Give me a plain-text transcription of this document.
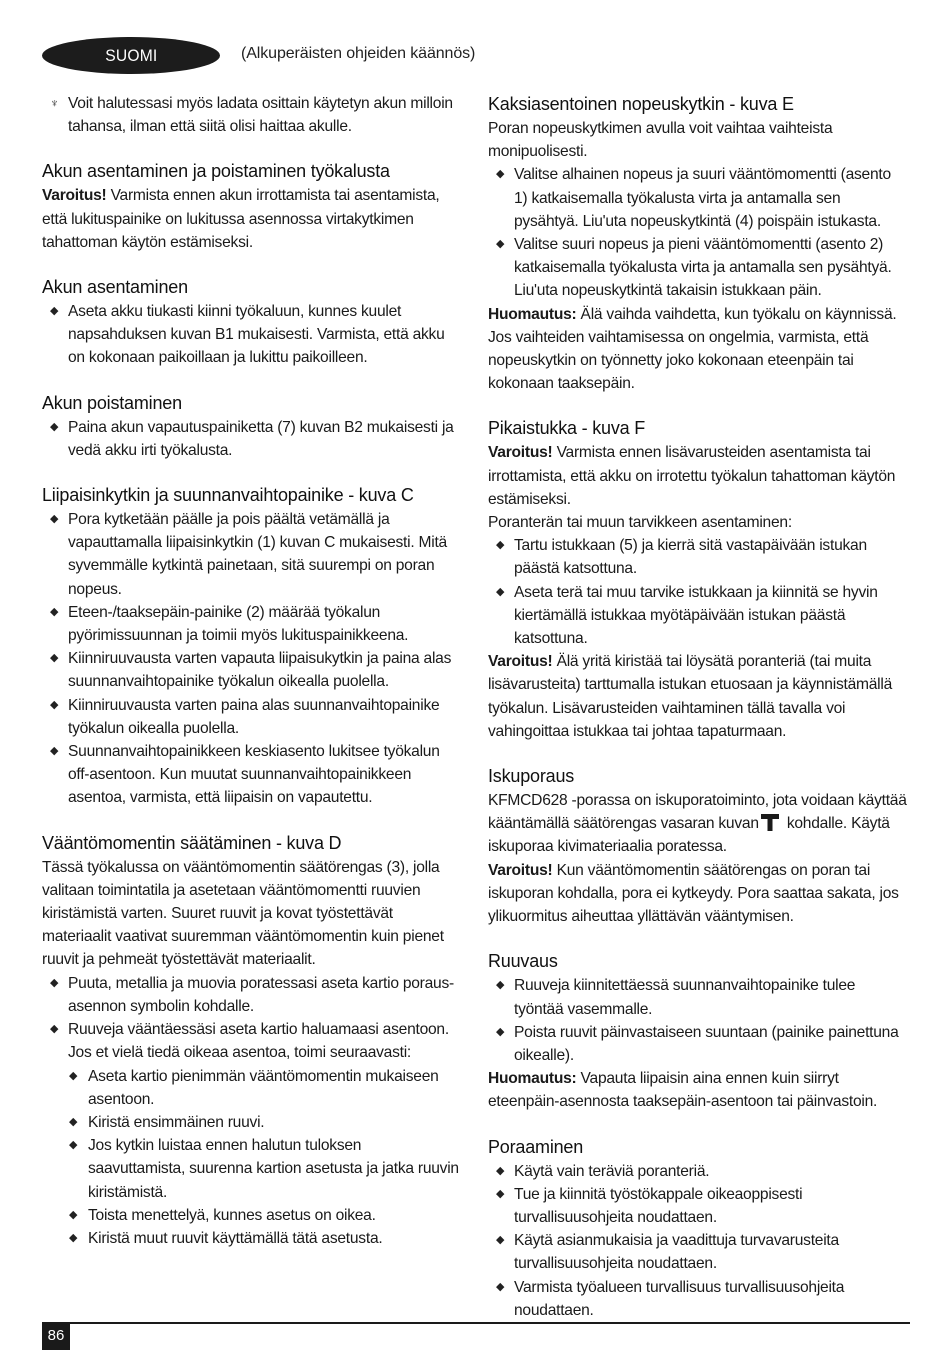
SUOMI	(Alkuperäisten ohjeiden käännös)
♆ Voit halutessasi myös ladata osittain käytetyn akun milloin tahansa, ilman että siitä olisi haittaa akulle.
Akun asentaminen ja poistaminen työkalusta

Varoitus! Varmista ennen akun irrottamista tai asentamista, että lukituspainike on lukitussa asennossa virtakytkimen tahattoman käytön estämiseksi.

Akun asentaminen
◆ Aseta akku tiukasti kiinni työkaluun, kunnes kuulet napsahduksen kuvan B1 mukaisesti. Varmista, että akku on kokonaan paikoillaan ja lukittu paikoilleen.
Akun poistaminen
◆ Paina akun vapautuspainiketta (7) kuvan B2 mukaisesti ja vedä akku irti työkalusta.
Liipaisinkytkin ja suunnanvaihtopainike - kuva C
◆ Pora kytketään päälle ja pois päältä vetämällä ja vapauttamalla liipaisinkytkin (1) kuvan C mukaisesti. Mitä syvemmälle kytkintä painetaan, sitä suurempi on poran nopeus.
◆ Eteen-/taaksepäin-painike (2) määrää työkalun pyörimissuunnan ja toimii myös lukituspainikkeena.
◆ Kiinniruuvausta varten vapauta liipaisukytkin ja paina alas suunnanvaihtopainike työkalun oikealla puolella.
◆ Kiinniruuvausta varten paina alas suunnanvaihtopainike työkalun oikealla puolella.
◆ Suunnanvaihtopainikkeen keskiasento lukitsee työkalun off-asentoon. Kun muutat suunnanvaihtopainikkeen asentoa, varmista, että liipaisin on vapautettu.
Vääntömomentin säätäminen - kuva D

Tässä työkalussa on vääntömomentin säätörengas (3), jolla valitaan toimintatila ja asetetaan vääntömomentti ruuvien kiristämistä varten. Suuret ruuvit ja kovat työstettävät materiaalit vaativat suuremman vääntömomentin kuin pienet ruuvit ja pehmeät työstettävät materiaalit.

◆ Puuta, metallia ja muovia poratessasi aseta kartio porausasennon symbolin kohdalle.
◆ Ruuveja vääntäessäsi aseta kartio haluamaasi asentoon. Jos et vielä tiedä oikeaa asentoa, toimi seuraavasti:
◆ Aseta kartio pienimmän vääntömomentin mukaiseen asentoon.
◆ Kiristä ensimmäinen ruuvi.
◆ Jos kytkin luistaa ennen halutun tuloksen saavuttamista, suurenna kartion asetusta ja jatka ruuvin kiristämistä.
◆ Toista menettelyä, kunnes asetus on oikea.
◆ Kiristä muut ruuvit käyttämällä tätä asetusta.
Kaksiasentoinen nopeuskytkin - kuva E

Poran nopeuskytkimen avulla voit vaihtaa vaihteista monipuolisesti.

◆ Valitse alhainen nopeus ja suuri vääntömomentti (asento 1) katkaisemalla työkalusta virta ja antamalla sen pysähtyä. Liu'uta nopeuskytkintä (4) poispäin istukasta.
◆ Valitse suuri nopeus ja pieni vääntömomentti (asento 2) katkaisemalla työkalusta virta ja antamalla sen pysähtyä. Liu'uta nopeuskytkintä takaisin istukkaan päin.

Huomautus: Älä vaihda vaihdetta, kun työkalu on käynnissä. Jos vaihteiden vaihtamisessa on ongelmia, varmista, että nopeuskytkin on työnnetty joko kokonaan eteenpäin tai kokonaan taaksepäin.

Pikaistukka - kuva F

Varoitus! Varmista ennen lisävarusteiden asentamista tai irrottamista, että akku on irrotettu työkalun tahattoman käytön estämiseksi.

Poranterän tai muun tarvikkeen asentaminen:

◆ Tartu istukkaan (5) ja kierrä sitä vastapäivään istukan päästä katsottuna.
◆ Aseta terä tai muu tarvike istukkaan ja kiinnitä se hyvin kiertämällä istukkaa myötäpäivään istukan päästä katsottuna.

Varoitus! Älä yritä kiristää tai löysätä poranteriä (tai muita lisävarusteita) tarttumalla istukan etuosaan ja käynnistämällä työkalun. Lisävarusteiden vaihtaminen tällä tavalla voi vahingoittaa istukkaa tai johtaa tapaturmaan.

Iskuporaus

KFMCD628 -porassa on iskuporatoiminto, jota voidaan käyttää kääntämällä säätörengas vasaran kuvan kohdalle. Käytä iskuporaa kivimateriaalia poratessa.

Varoitus! Kun vääntömomentin säätörengas on poran tai iskuporan kohdalla, pora ei kytkeydy. Pora saattaa sakata, jos ylikuormitus aiheuttaa yllättävän vääntymisen.

Ruuvaus
◆ Ruuveja kiinnitettäessä suunnanvaihtopainike tulee työntää vasemmalle.
◆ Poista ruuvit päinvastaiseen suuntaan (painike painettuna oikealle).

Huomautus: Vapauta liipaisin aina ennen kuin siirryt eteenpäin-asennosta taaksepäin-asentoon tai päinvastoin.

Poraaminen
◆ Käytä vain teräviä poranteriä.
◆ Tue ja kiinnitä työstökappale oikeaoppisesti turvallisuusohjeita noudattaen.
◆ Käytä asianmukaisia ja vaadittuja turvavarusteita turvallisuusohjeita noudattaen.
◆ Varmista työalueen turvallisuus turvallisuusohjeita noudattaen.
86
